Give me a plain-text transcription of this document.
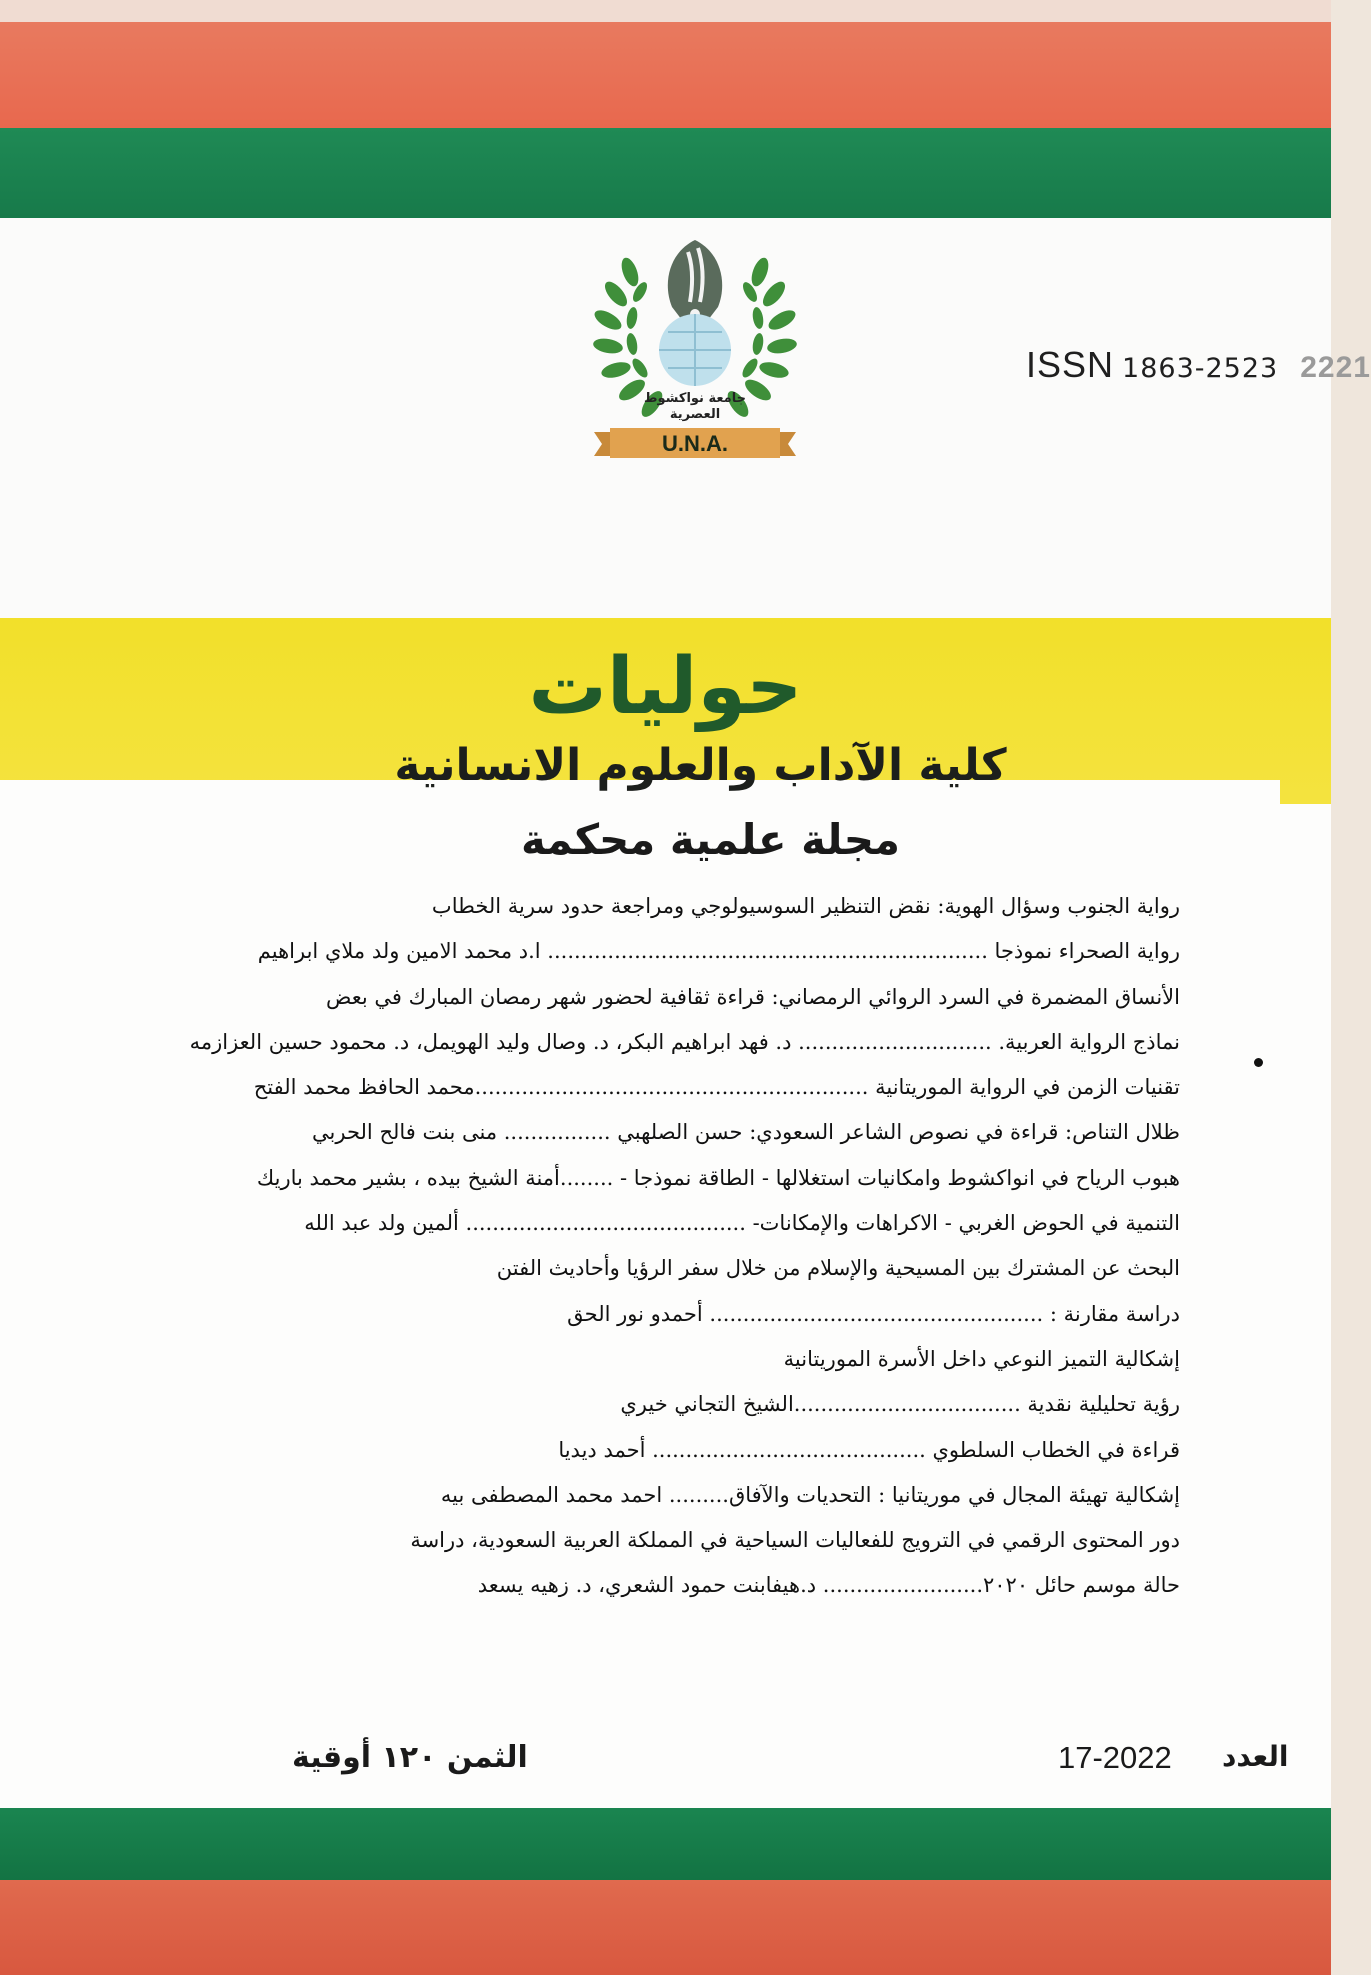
جامعة نواكشوط
العصرية
U.N.A.
ISSN 1863-2523 2221
حوليات
كلية الآداب والعلوم الانسانية
مجلة علمية محكمة
رواية الجنوب وسؤال الهوية: نقض التنظير السوسيولوجي ومراجعة حدود سرية الخطاب
رواية الصحراء نموذجا .................................................................. ا.د محمد الامين ولد ملاي ابراهيم
الأنساق المضمرة في السرد الروائي الرمصاني: قراءة ثقافية لحضور شهر رمصان المبارك في بعض
نماذج الرواية العربية. ............................. د. فهد ابراهيم البكر، د. وصال وليد الهويمل، د. محمود حسين العزازمه
تقنيات الزمن في الرواية الموريتانية ...........................................................محمد الحافظ محمد الفتح
ظلال التناص: قراءة في نصوص الشاعر السعودي: حسن الصلهبي ................ منى بنت فالح الحربي
هبوب الرياح في انواكشوط وامكانيات استغلالها - الطاقة نموذجا - ........أمنة الشيخ بيده ، بشير محمد باريك
التنمية في الحوض الغربي - الاكراهات والإمكانات- .......................................... ألمين ولد عبد الله
البحث عن المشترك بين المسيحية والإسلام من خلال سفر الرؤيا وأحاديث الفتن
دراسة مقارنة : .................................................. أحمدو نور الحق
إشكالية التميز النوعي داخل الأسرة الموريتانية
رؤية تحليلية نقدية ..................................الشيخ التجاني خيري
قراءة في الخطاب السلطوي ......................................... أحمد ديديا
إشكالية تهيئة المجال في موريتانيا : التحديات والآفاق......... احمد محمد المصطفى بيه
دور المحتوى الرقمي في الترويج للفعاليات السياحية في المملكة العربية السعودية، دراسة
حالة موسم حائل ٢٠٢٠........................ د.هيفابنت حمود الشعري، د. زهيه يسعد
الثمن ١٢٠ أوقية	17-2022 العدد
